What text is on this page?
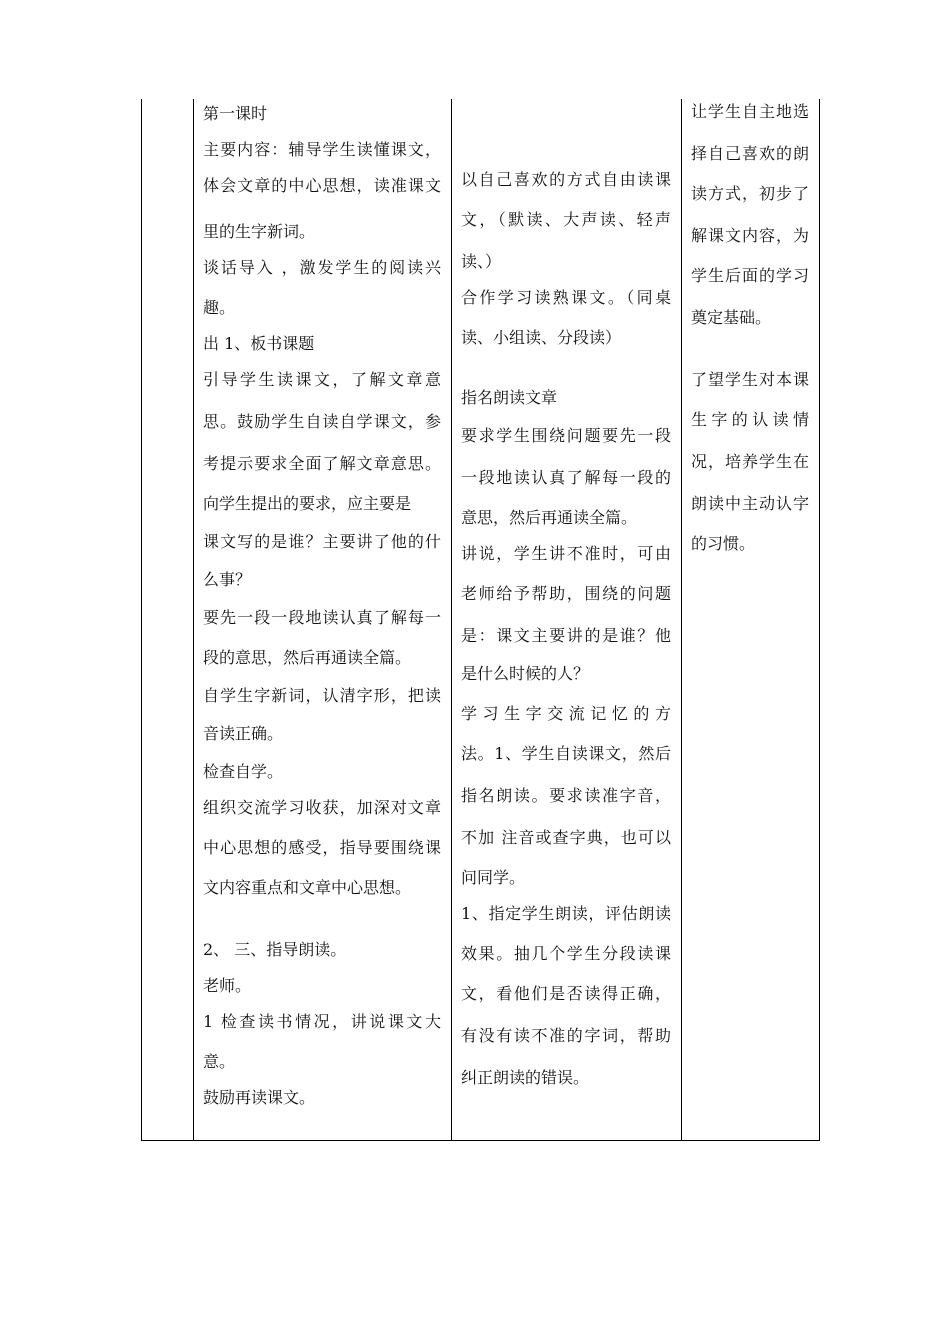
第一课时
主要内容：辅导学生读懂课文，
体会文章的中心思想，读准课文
里的生字新词。
谈话导入 ，激发学生的阅读兴
趣。
出 1、板书课题
引导学生读课文，了解文章意
思。鼓励学生自读自学课文，参
考提示要求全面了解文章意思。
向学生提出的要求，应主要是
课文写的是谁？主要讲了他的什
么事？
要先一段一段地读认真了解每一
段的意思，然后再通读全篇。
自学生字新词，认清字形，把读
音读正确。
检查自学。
组织交流学习收获，加深对文章
中心思想的感受，指导要围绕课
文内容重点和文章中心思想。
2、 三、指导朗读。
老师。
1 检查读书情况，讲说课文大
意。
鼓励再读课文。
以自己喜欢的方式自由读课
文，（默读、大声读、轻声
读、）
合作学习读熟课文。（同桌
读、小组读、分段读）
指名朗读文章
要求学生围绕问题要先一段
一段地读认真了解每一段的
意思，然后再通读全篇。
讲说，学生讲不准时，可由
老师给予帮助，围绕的问题
是：课文主要讲的是谁？他
是什么时候的人？
学习生字交流记忆的方
法。1、学生自读课文，然后
指名朗读。要求读准字音，
不加 注音或查字典，也可以
问同学。
1、指定学生朗读，评估朗读
效果。抽几个学生分段读课
文，看他们是否读得正确，
有没有读不准的字词，帮助
纠正朗读的错误。
让学生自主地选
择自己喜欢的朗
读方式，初步了
解课文内容，为
学生后面的学习
奠定基础。
了望学生对本课
生字的认读情
况，培养学生在
朗读中主动认字
的习惯。
